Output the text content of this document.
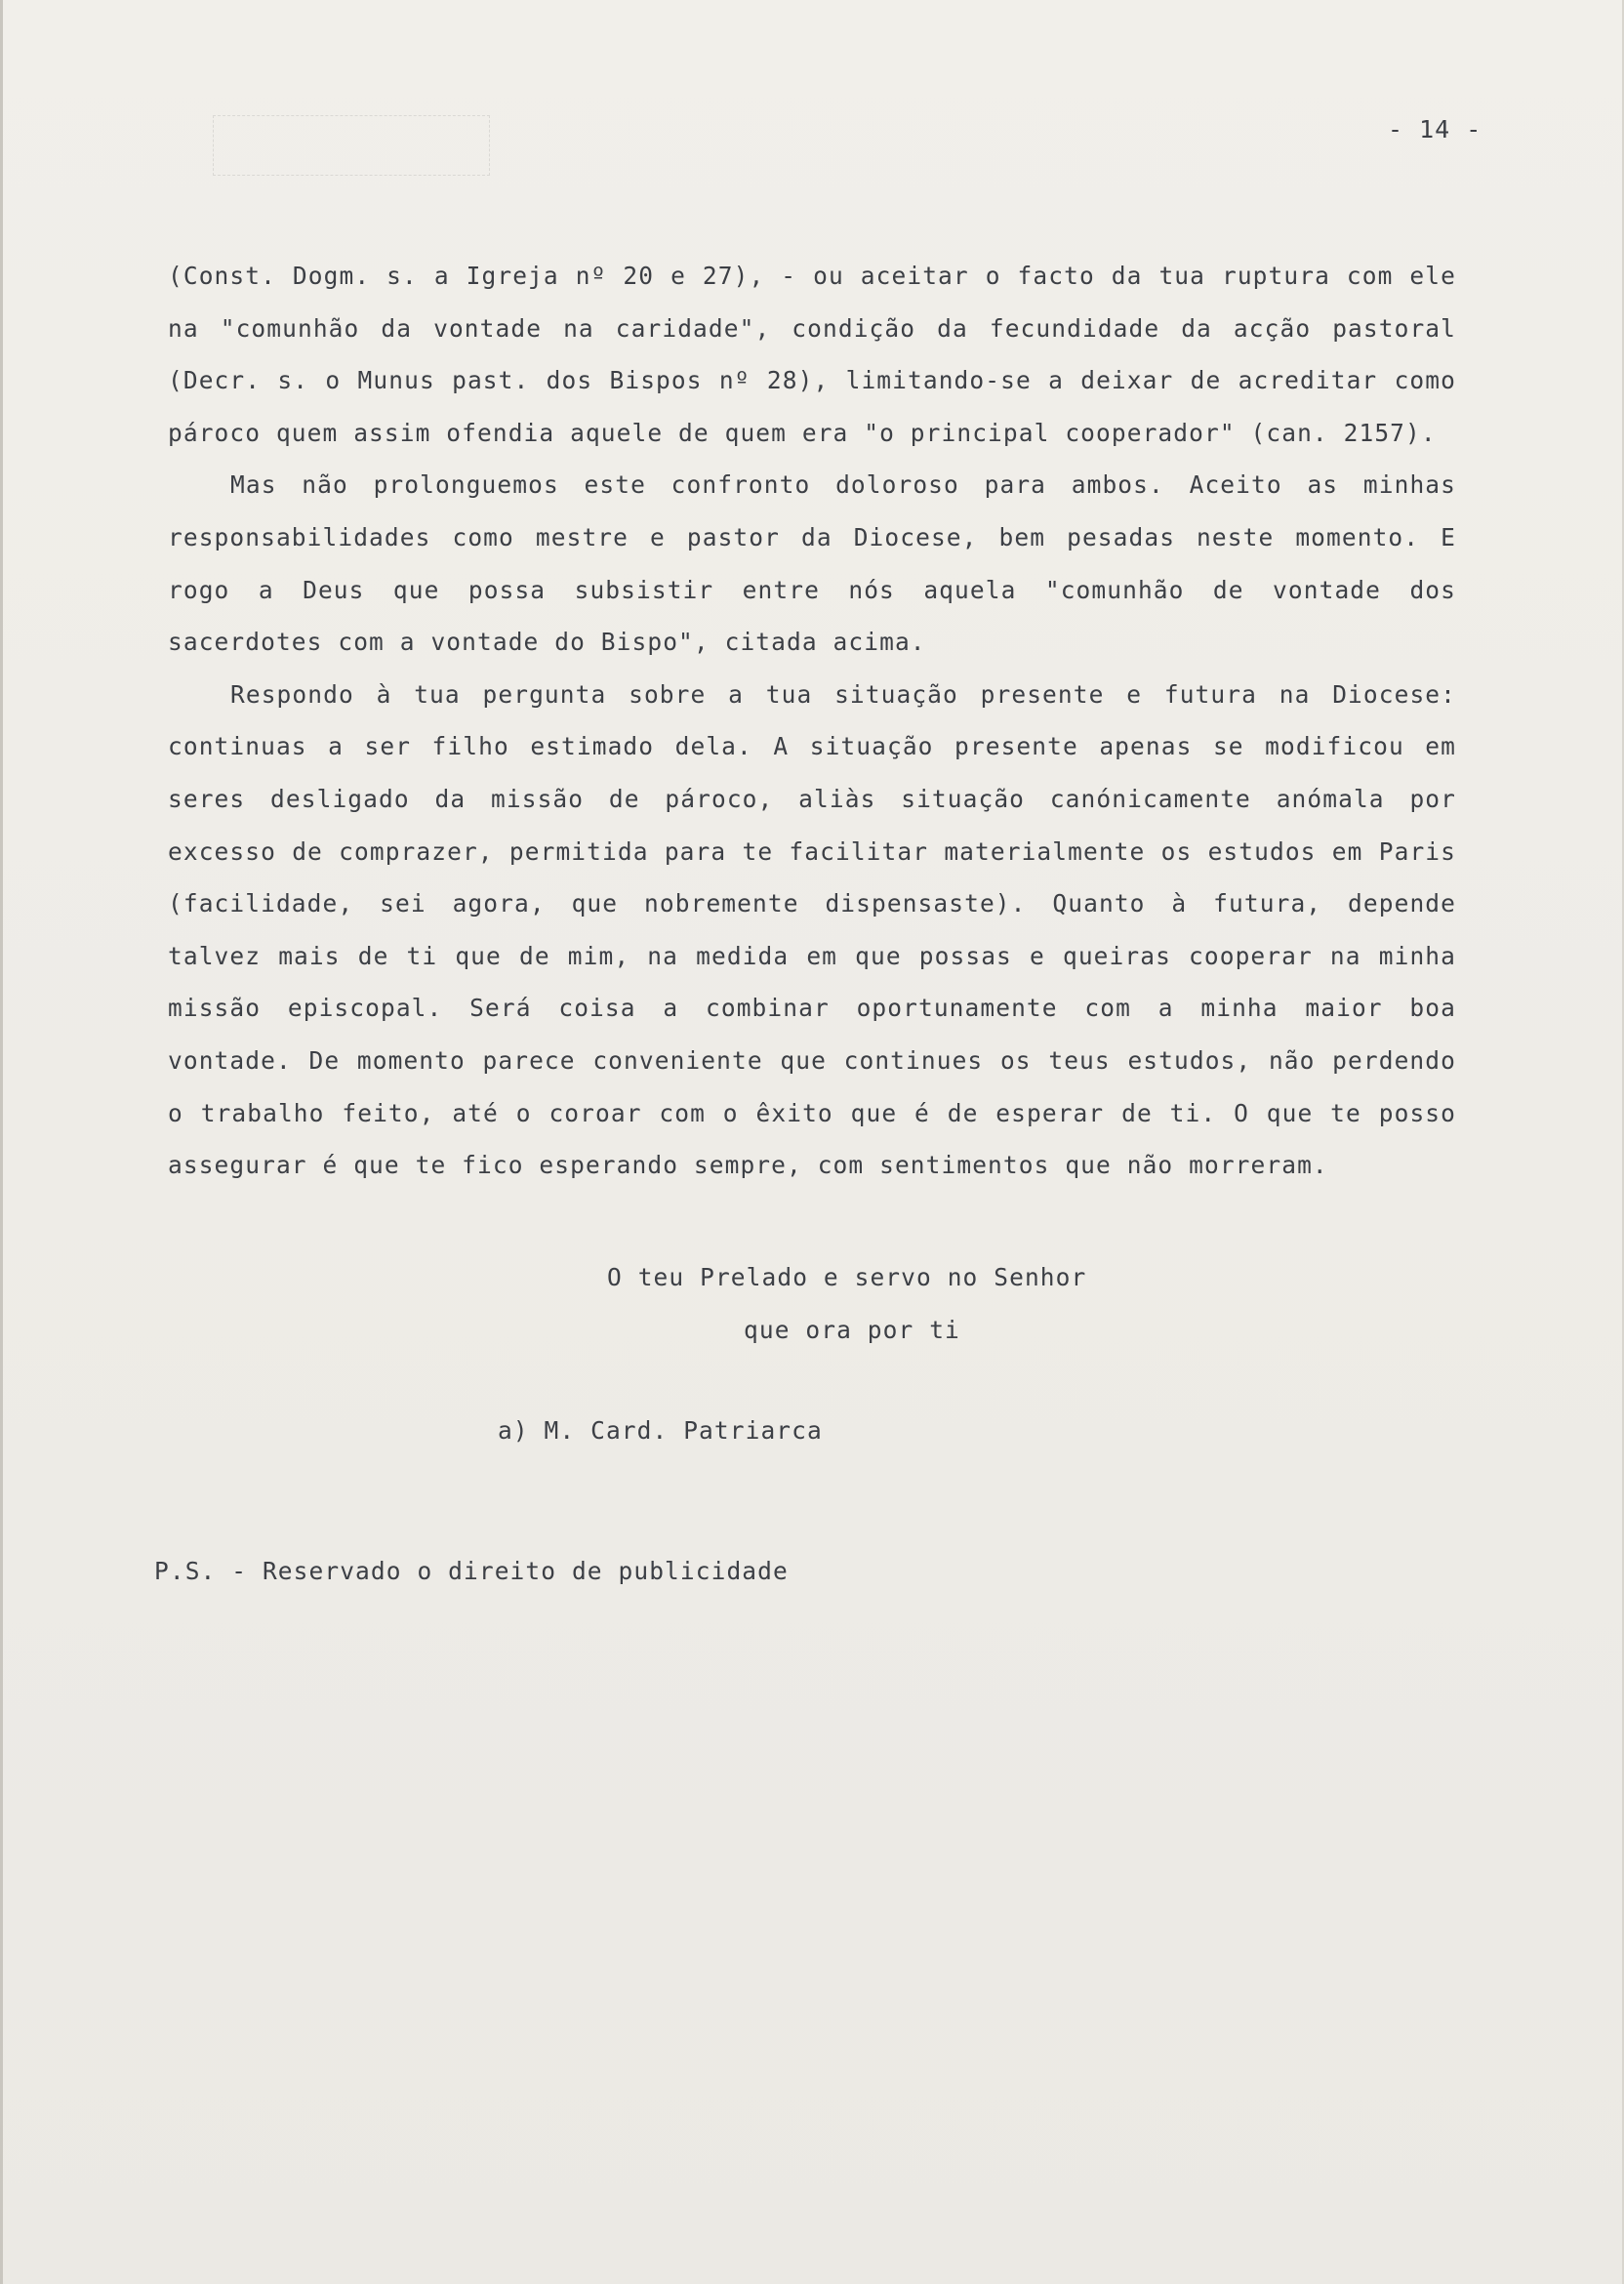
- 14 -

(Const. Dogm. s. a Igreja nº 20 e 27), - ou aceitar o facto da tua ruptura com ele na "comunhão da vontade na caridade", condição da fecundidade da acção pastoral (Decr. s. o Munus past. dos Bispos nº 28), limitando-se a deixar de acreditar como pároco quem assim ofendia aquele de quem era "o principal cooperador" (can. 2157).

Mas não prolonguemos este confronto doloroso para ambos. Aceito as minhas responsabilidades como mestre e pastor da Diocese, bem pesadas neste momento. E rogo a Deus que possa subsistir entre nós aquela "comunhão de vontade dos sacerdotes com a vontade do Bispo", citada acima.

Respondo à tua pergunta sobre a tua situação presente e futura na Diocese: continuas a ser filho estimado dela. A situação presente apenas se modificou em seres desligado da missão de pároco, aliàs situação canónicamente anómala por excesso de comprazer, permitida para te facilitar materialmente os estudos em Paris (facilidade, sei agora, que nobremente dispensaste). Quanto à futura, depende talvez mais de ti que de mim, na medida em que possas e queiras cooperar na minha missão episcopal. Será coisa a combinar oportunamente com a minha maior boa vontade. De momento parece conveniente que continues os teus estudos, não perdendo o trabalho feito, até o coroar com o êxito que é de esperar de ti. O que te posso assegurar é que te fico esperando sempre, com sentimentos que não morreram.

O teu Prelado e servo no Senhor
que ora por ti
a) M. Card. Patriarca
P.S. - Reservado o direito de publicidade
